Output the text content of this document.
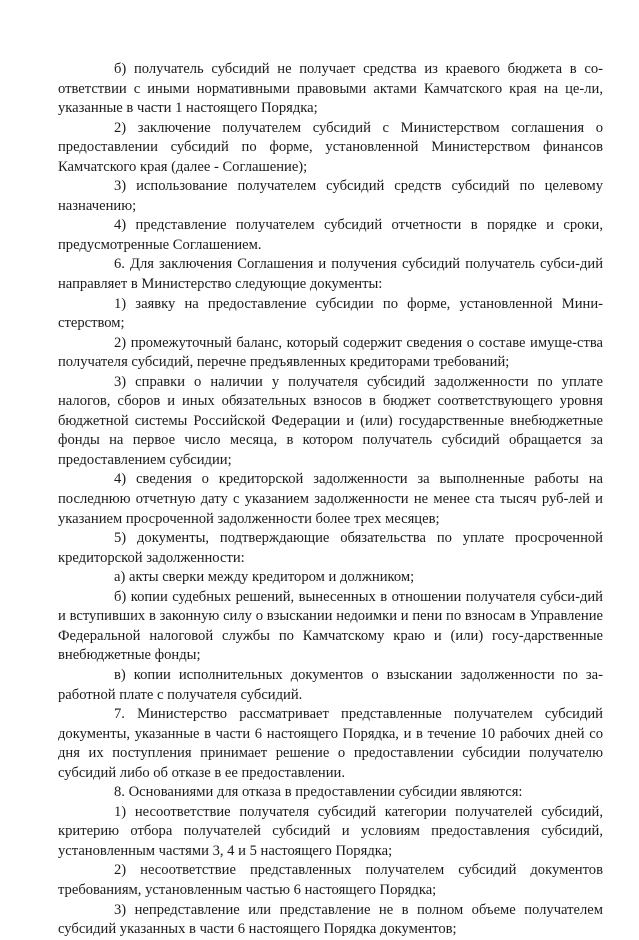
б) получатель субсидий не получает средства из краевого бюджета в со-ответствии с иными нормативными правовыми актами Камчатского края на це-ли, указанные в части 1 настоящего Порядка;

2) заключение получателем субсидий с Министерством соглашения о предоставлении субсидий по форме, установленной Министерством финансов Камчатского края (далее - Соглашение);

3) использование получателем субсидий средств субсидий по целевому назначению;

4) представление получателем субсидий отчетности в порядке и сроки, предусмотренные Соглашением.

6. Для заключения Соглашения и получения субсидий получатель субси-дий направляет в Министерство следующие документы:

1) заявку на предоставление субсидии по форме, установленной Мини-стерством;

2) промежуточный баланс, который содержит сведения о составе имуще-ства получателя субсидий, перечне предъявленных кредиторами требований;

3) справки о наличии у получателя субсидий задолженности по уплате налогов, сборов и иных обязательных взносов в бюджет соответствующего уровня бюджетной системы Российской Федерации и (или) государственные внебюджетные фонды на первое число месяца, в котором получатель субсидий обращается за предоставлением субсидии;

4) сведения о кредиторской задолженности за выполненные работы на последнюю отчетную дату с указанием задолженности не менее ста тысяч руб-лей и указанием просроченной задолженности более трех месяцев;

5) документы, подтверждающие обязательства по уплате просроченной кредиторской задолженности:

а) акты сверки между кредитором и должником;

б) копии судебных решений, вынесенных в отношении получателя субси-дий и вступивших в законную силу о взыскании недоимки и пени по взносам в Управление Федеральной налоговой службы по Камчатскому краю и (или) госу-дарственные внебюджетные фонды;

в) копии исполнительных документов о взыскании задолженности по за-работной плате с получателя субсидий.

7. Министерство рассматривает представленные получателем субсидий документы, указанные в части 6 настоящего Порядка, и в течение 10 рабочих дней со дня их поступления принимает решение о предоставлении субсидии получателю субсидий либо об отказе в ее предоставлении.

8. Основаниями для отказа в предоставлении субсидии являются:

1) несоответствие получателя субсидий категории получателей субсидий, критерию отбора получателей субсидий и условиям предоставления субсидий, установленным частями 3, 4 и 5 настоящего Порядка;

2) несоответствие представленных получателем субсидий документов требованиям, установленным частью 6 настоящего Порядка;

3) непредставление или представление не в полном объеме получателем субсидий указанных в части 6 настоящего Порядка документов;
